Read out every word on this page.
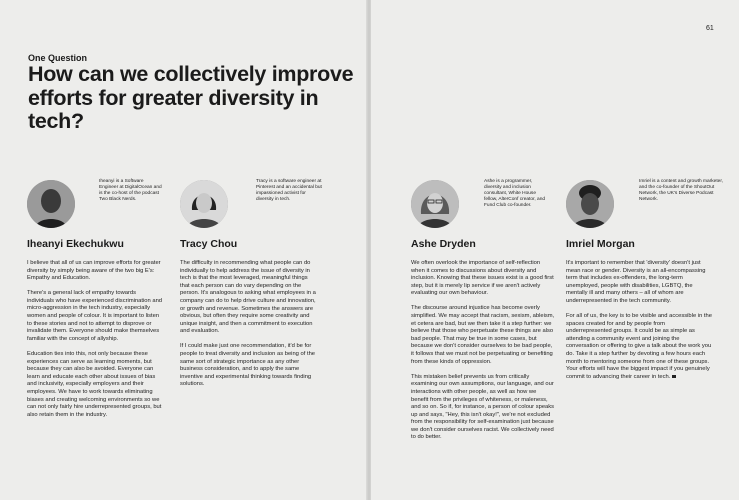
One Question
How can we collectively improve efforts for greater diversity in tech?
Iheanyi is a Software Engineer at DigitalOcean and is the co-host of the podcast Two Black Nerds.
Iheanyi Ekechukwu

I believe that all of us can improve efforts for greater diversity by simply being aware of the two big E's: Empathy and Education.

There's a general lack of empathy towards individuals who have experienced discrimination and micro-aggression in the tech industry, especially women and people of colour. It is important to listen to these stories and not to attempt to disprove or invalidate them. Everyone should make themselves familiar with the concept of allyship.

Education ties into this, not only because these experiences can serve as learning moments, but because they can also be avoided. Everyone can learn and educate each other about issues of bias and inclusivity, especially employers and their employees. We have to work towards eliminating biases and creating welcoming environments so we can not only fairly hire underrepresented groups, but also retain them in the industry.

Tracy is a software engineer at Pinterest and an accidental but impassioned activist for diversity in tech.
Tracy Chou

The difficulty in recommending what people can do individually to help address the issue of diversity in tech is that the most leveraged, meaningful things that each person can do vary depending on the person. It's analogous to asking what employees in a company can do to help drive culture and innovation, or growth and revenue. Sometimes the answers are obvious, but often they require some creativity and unique insight, and then a commitment to execution and evaluation.

If I could make just one recommendation, it'd be for people to treat diversity and inclusion as being of the same sort of strategic importance as any other business consideration, and to apply the same inventive and experimental thinking towards finding solutions.

61
Ashe is a programmer, diversity and inclusion consultant, White House fellow, AlterConf creator, and Fund Club co-founder.
Ashe Dryden

We often overlook the importance of self-reflection when it comes to discussions about diversity and inclusion. Knowing that these issues exist is a good first step, but it is merely lip service if we aren't actively evaluating our own behaviour.

The discourse around injustice has become overly simplified. We may accept that racism, sexism, ableism, et cetera are bad, but we then take it a step further: we believe that those who perpetuate these things are also bad people. That may be true in some cases, but because we don't consider ourselves to be bad people, it follows that we must not be perpetuating or benefiting from these kinds of oppression.

This mistaken belief prevents us from critically examining our own assumptions, our language, and our interactions with other people, as well as how we benefit from the privileges of whiteness, or maleness, and so on. So if, for instance, a person of colour speaks up and says, "Hey, this isn't okay!", we're not excluded from the responsibility for self-examination just because we don't consider ourselves racist. We collectively need to do better.

Imriel is a content and growth marketer, and the co-founder of the ShoutOut Network, the UK's Diverse Podcast Network.
Imriel Morgan

It's important to remember that 'diversity' doesn't just mean race or gender. Diversity is an all-encompassing term that includes ex-offenders, the long-term unemployed, people with disabilities, LGBTQ, the mentally ill and many others – all of whom are underrepresented in the tech community.

For all of us, the key is to be visible and accessible in the spaces created for and by people from underrepresented groups. It could be as simple as attending a community event and joining the conversation or offering to give a talk about the work you do. Take it a step further by devoting a few hours each month to mentoring someone from one of these groups. Your efforts will have the biggest impact if you genuinely commit to advancing their career in tech.
